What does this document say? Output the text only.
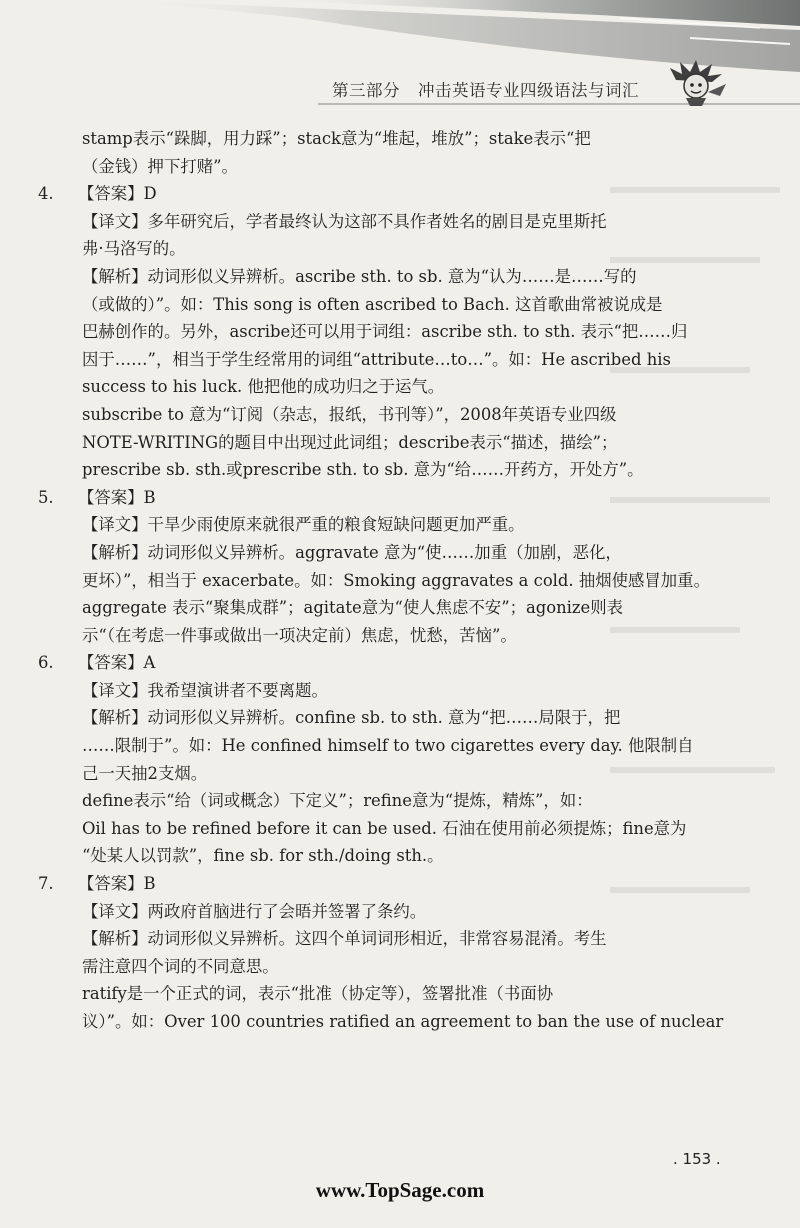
第三部分 冲击英语专业四级语法与词汇
stamp表示“跺脚，用力踩”；stack意为“堆起，堆放”；stake表示“把
（金钱）押下打赌”。
4. 【答案】D
【译文】多年研究后，学者最终认为这部不具作者姓名的剧目是克里斯托
弗·马洛写的。
【解析】动词形似义异辨析。ascribe sth. to sb. 意为“认为……是……写的
（或做的）”。如：This song is often ascribed to Bach. 这首歌曲常被说成是
巴赫创作的。另外，ascribe还可以用于词组：ascribe sth. to sth. 表示“把……归
因于……”，相当于学生经常用的词组“attribute…to…”。如：He ascribed his
success to his luck. 他把他的成功归之于运气。
subscribe to 意为“订阅（杂志，报纸，书刊等）”，2008年英语专业四级
NOTE-WRITING的题目中出现过此词组；describe表示“描述，描绘”；
prescribe sb. sth.或prescribe sth. to sb. 意为“给……开药方，开处方”。
5. 【答案】B
【译文】干旱少雨使原来就很严重的粮食短缺问题更加严重。
【解析】动词形似义异辨析。aggravate 意为“使……加重（加剧，恶化，
更坏）”，相当于 exacerbate。如：Smoking aggravates a cold. 抽烟使感冒加重。
aggregate 表示“聚集成群”；agitate意为“使人焦虑不安”；agonize则表
示“（在考虑一件事或做出一项决定前）焦虑，忧愁，苦恼”。
6. 【答案】A
【译文】我希望演讲者不要离题。
【解析】动词形似义异辨析。confine sb. to sth. 意为“把……局限于，把
……限制于”。如：He confined himself to two cigarettes every day. 他限制自
己一天抽2支烟。
define表示“给（词或概念）下定义”；refine意为“提炼，精炼”，如：
Oil has to be refined before it can be used. 石油在使用前必须提炼；fine意为
“处某人以罚款”，fine sb. for sth./doing sth.。
7. 【答案】B
【译文】两政府首脑进行了会晤并签署了条约。
【解析】动词形似义异辨析。这四个单词词形相近，非常容易混淆。考生
需注意四个词的不同意思。
ratify是一个正式的词，表示“批准（协定等），签署批准（书面协
议）”。如：Over 100 countries ratified an agreement to ban the use of nuclear
. 153 .
www.TopSage.com
